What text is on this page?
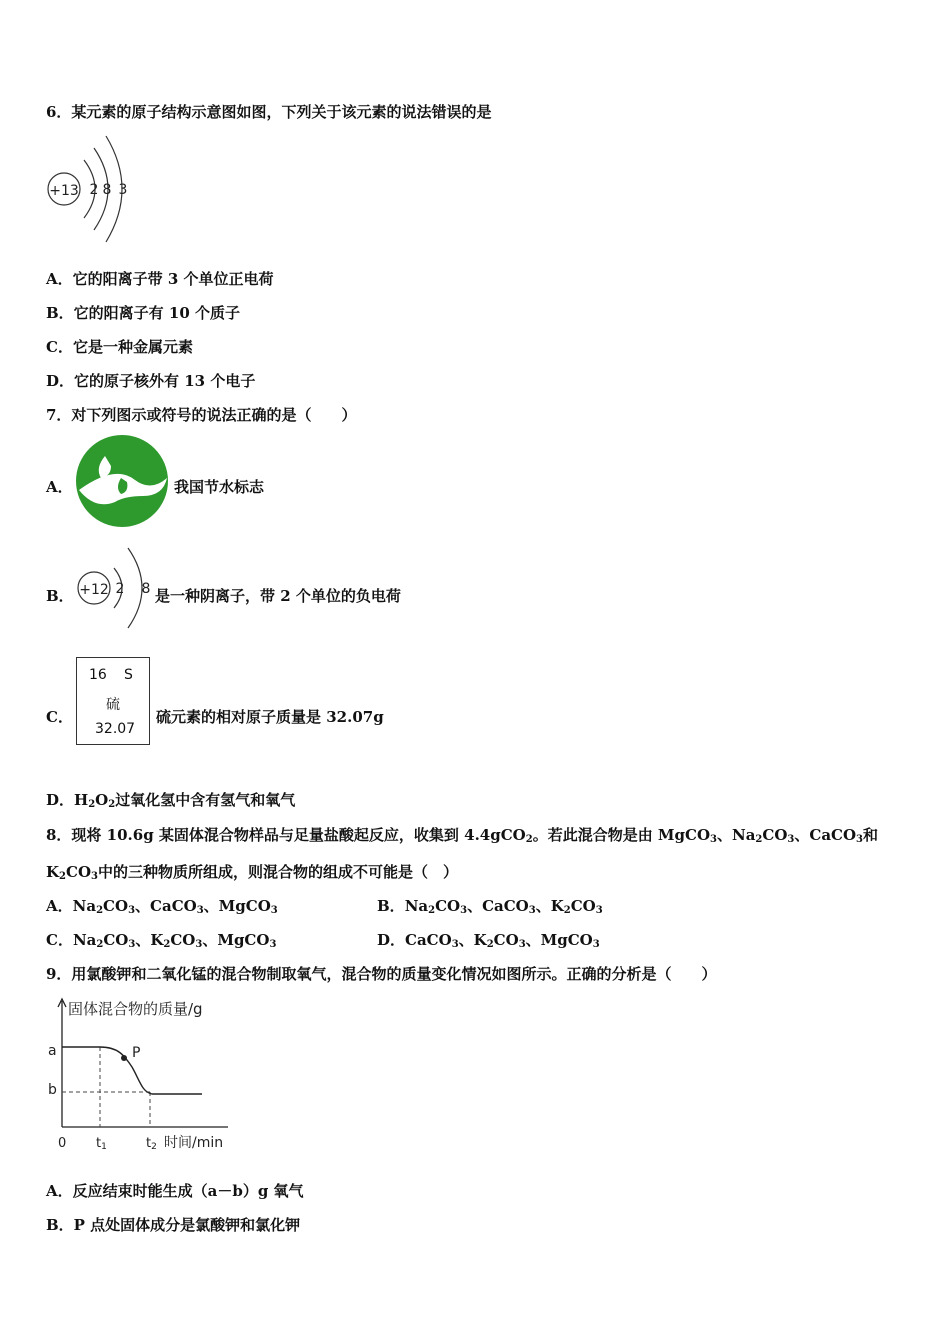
6．某元素的原子结构示意图如图，下列关于该元素的说法错误的是
+13 2 8 3
A．它的阳离子带 3 个单位正电荷
B．它的阳离子有 10 个质子
C．它是一种金属元素
D．它的原子核外有 13 个电子
7．对下列图示或符号的说法正确的是（　　）
A．	我国节水标志
B． +12 2 8 是一种阴离子，带 2 个单位的负电荷
C．
16 S
硫
32.07
硫元素的相对原子质量是 32.07g
D．$H_2O_2$过氧化氢中含有氢气和氧气
8．现将 10.6g 某固体混合物样品与足量盐酸起反应，收集到 4.4gCO$_2$。若此混合物是由 MgCO$_3$、$Na_2CO_3$、CaCO$_3$和
$K_2CO_3$中的三种物质所组成，则混合物的组成不可能是（　）
A．$Na_2CO_3$、CaCO$_3$、MgCO$_3$	B．$Na_2CO_3$、CaCO$_3$、$K_2CO_3$
C．$Na_2CO_3$、$K_2CO_3$、MgCO$_3$	D．CaCO$_3$、$K_2CO_3$、MgCO$_3$
9．用氯酸钾和二氧化锰的混合物制取氧气，混合物的质量变化情况如图所示。正确的分析是（　　）
固体混合物的质量/g
a
b
0 t1	t2 时间/min
P
A．反应结束时能生成（a－b）g 氧气
B．P 点处固体成分是氯酸钾和氯化钾
